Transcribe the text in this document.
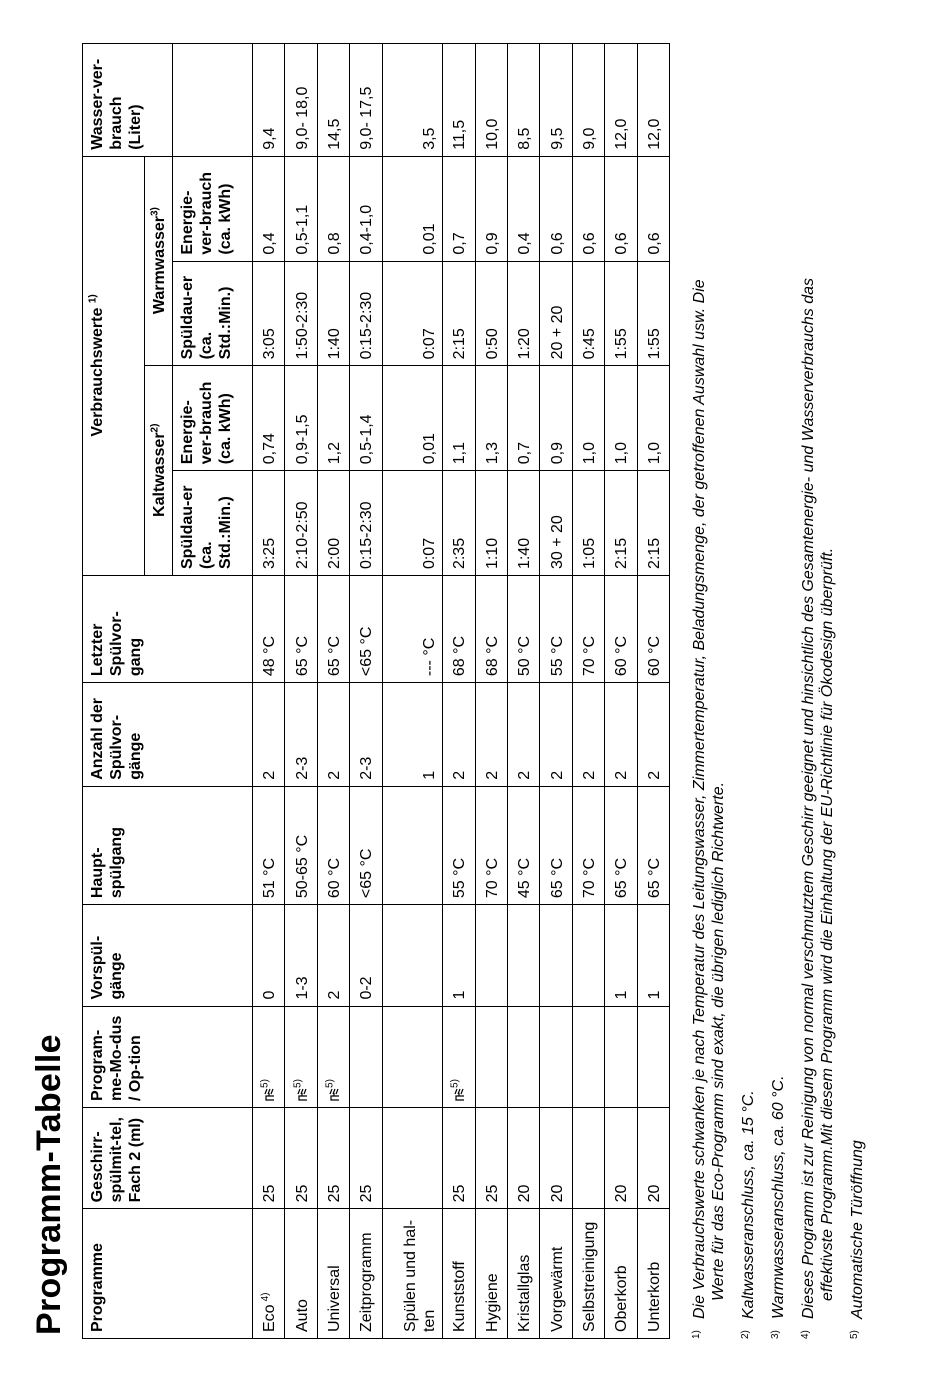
Programm-Tabelle Programme	Geschirr-spülmit-tel, Fach 2 (ml)	Program-me-Mo-dus / Op-tion	Vorspül-gänge	Haupt-spülgang	Anzahl der Spülvor-gänge	Letzter Spülvor-gang	Verbrauchswerte $^{1)}$				Wasser-ver-brauch (Liter)
							Kaltwasser$^{2)}$		Warmwasser$^{3)}$
							Spüldau-er (ca. Std.:Min.)	Energie-ver-brauch (ca. kWh)	Spüldau-er (ca. Std.:Min.)	Energie-ver-brauch (ca. kWh)	
Eco$^{4)}$	25	$^{5)}$	0	51 °C	2	48 °C	3:25	0,74	3:05	0,4	9,4
Auto	25	$^{5)}$	1-3	50-65 °C	2-3	65 °C	2:10-2:50	0,9-1,5	1:50-2:30	0,5-1,1	9,0- 18,0
Universal	25	$^{5)}$	2	60 °C	2	65 °C	2:00	1,2	1:40	0,8	14,5
Zeitprogramm	25		0-2	<65 °C	2-3	<65 °C	0:15-2:30	0,5-1,4	0:15-2:30	0,4-1,0	9,0- 17,5
Spülen und hal-ten					1	--- °C	0:07	0,01	0:07	0,01	3,5
Kunststoff	25	$^{5)}$	1	55 °C	2	68 °C	2:35	1,1	2:15	0,7	11,5
Hygiene	25			70 °C	2	68 °C	1:10	1,3	0:50	0,9	10,0
Kristallglas	20			45 °C	2	50 °C	1:40	0,7	1:20	0,4	8,5
Vorgewärmt	20			65 °C	2	55 °C	30 + 20	0,9	20 + 20	0,6	9,5
Selbstreinigung				70 °C	2	70 °C	1:05	1,0	0:45	0,6	9,0
Oberkorb	20		1	65 °C	2	60 °C	2:15	1,0	1:55	0,6	12,0
Unterkorb	20		1	65 °C	2	60 °C	2:15	1,0	1:55	0,6	12,0
1)
Die Verbrauchswerte schwanken je nach Temperatur des Leitungswasser, Zimmertemperatur, Beladungsmenge, der getroffenen Auswahl usw. Die Werte für das Eco-Programm sind exakt, die übrigen lediglich Richtwerte.
2)
Kaltwasseranschluss, ca. 15 °C.
3)
Warmwasseranschluss, ca. 60 °C.
4)
Dieses Programm ist zur Reinigung von normal verschmutztem Geschirr geeignet und hinsichtlich des Gesamtenergie- und Wasserverbrauchs das effektivste Programm.Mit diesem Programm wird die Einhaltung der EU-Richtlinie für Ökodesign überprüft.
5)
Automatische Türöffnung
